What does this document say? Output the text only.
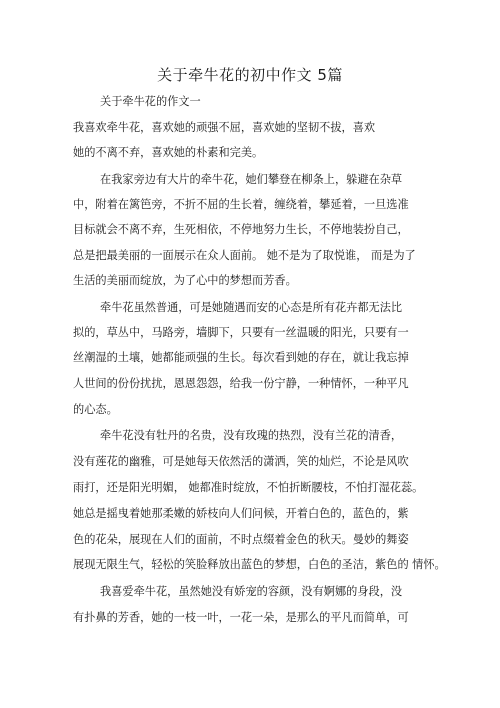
关于牵牛花的初中作文 5篇
关于牵牛花的作文一
我喜欢牵牛花，喜欢她的顽强不屈，喜欢她的坚韧不拔，喜欢
她的不离不弃，喜欢她的朴素和完美。
在我家旁边有大片的牵牛花，她们攀登在柳条上，躲避在杂草
中，附着在篱笆旁，不折不屈的生长着，缠绕着，攀延着，一旦选准
目标就会不离不弃，生死相依，不停地努力生长，不停地装扮自己，
总是把最美丽的一面展示在众人面前。 她不是为了取悦谁， 而是为了
生活的美丽而绽放，为了心中的梦想而芳香。
牵牛花虽然普通，可是她随遇而安的心态是所有花卉都无法比
拟的，草丛中，马路旁，墙脚下，只要有一丝温暖的阳光，只要有一
丝潮湿的土壤，她都能顽强的生长。每次看到她的存在，就让我忘掉
人世间的份份扰扰，恩恩怨怨，给我一份宁静，一种情怀，一种平凡
的心态。
牵牛花没有牡丹的名贵，没有玫瑰的热烈，没有兰花的清香，
没有莲花的幽雅，可是她每天依然活的潇洒，笑的灿烂，不论是风吹
雨打，还是阳光明媚， 她都准时绽放，不怕折断腰枝，不怕打湿花蕊。
她总是摇曳着她那柔嫩的娇枝向人们问候，开着白色的，蓝色的，紫
色的花朵，展现在人们的面前，不时点缀着金色的秋天。曼妙的舞姿
展现无限生气，轻松的笑脸释放出蓝色的梦想，白色的圣洁，紫色的 情怀。
我喜爱牵牛花，虽然她没有娇宠的容颜，没有婀娜的身段，没
有扑鼻的芳香，她的一枝一叶，一花一朵，是那么的平凡而简单，可
